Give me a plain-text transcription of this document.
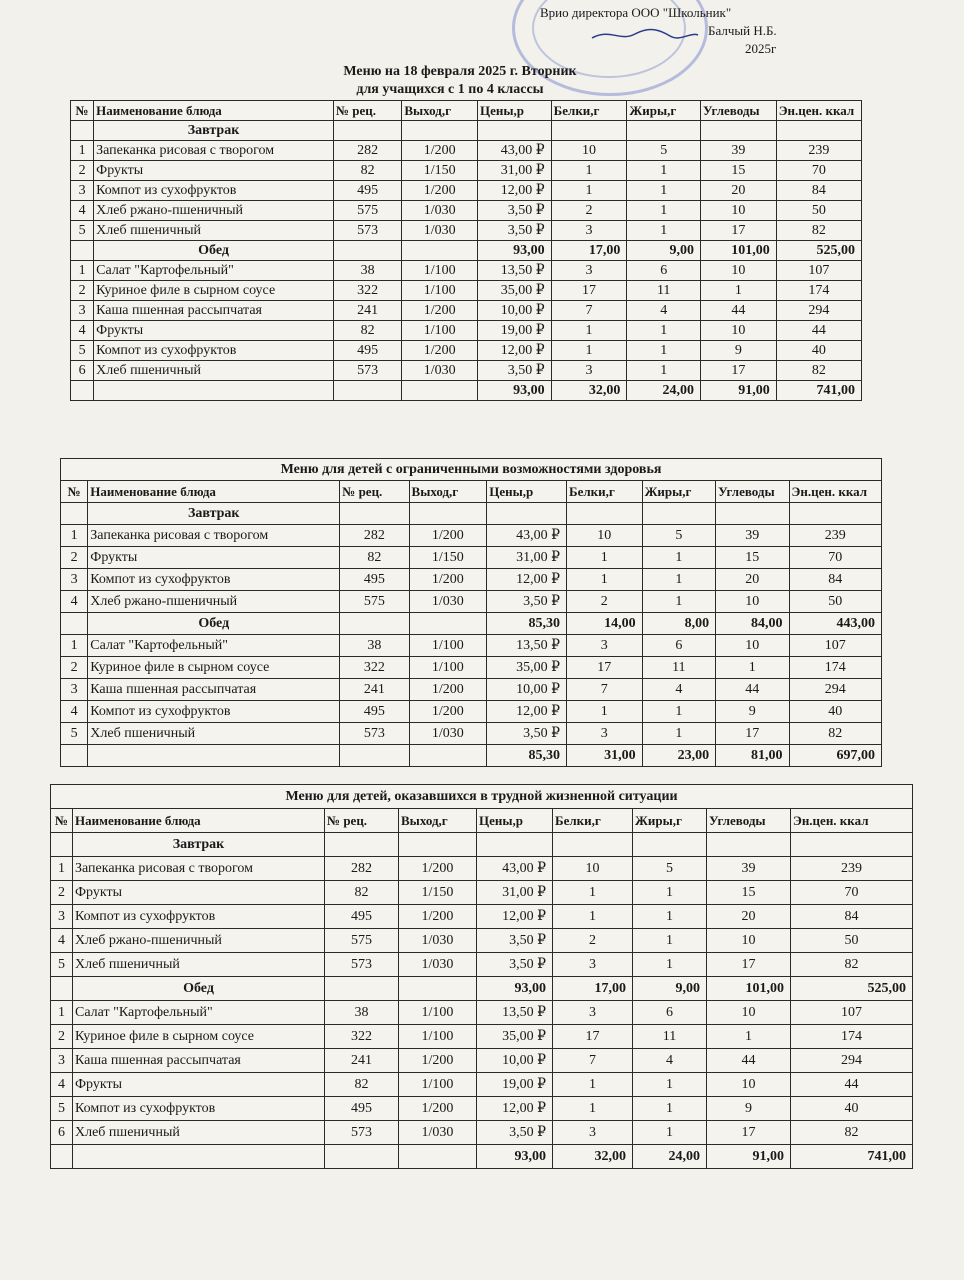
Врио директора ООО "Школьник"
Балчый Н.Б.
2025г
Меню на 18 февраля 2025 г. Вторник
для учащихся с 1 по 4 классы
№	Наименование блюда	№ рец.	Выход,г	Цены,р	Белки,г	Жиры,г	Углеводы	Эн.цен. ккал
	Завтрак							
1	Запеканка рисовая с творогом	282	1/200	43,00 ₽	10	5	39	239
2	Фрукты	82	1/150	31,00 ₽	1	1	15	70
3	Компот из сухофруктов	495	1/200	12,00 ₽	1	1	20	84
4	Хлеб ржано-пшеничный	575	1/030	3,50 ₽	2	1	10	50
5	Хлеб пшеничный	573	1/030	3,50 ₽	3	1	17	82
	Обед			93,00	17,00	9,00	101,00	525,00
1	Салат "Картофельный"	38	1/100	13,50 ₽	3	6	10	107
2	Куриное филе в сырном соусе	322	1/100	35,00 ₽	17	11	1	174
3	Каша пшенная рассыпчатая	241	1/200	10,00 ₽	7	4	44	294
4	Фрукты	82	1/100	19,00 ₽	1	1	10	44
5	Компот из сухофруктов	495	1/200	12,00 ₽	1	1	9	40
6	Хлеб пшеничный	573	1/030	3,50 ₽	3	1	17	82
				93,00	32,00	24,00	91,00	741,00
Меню для детей с ограниченными возможностями здоровья								
№	Наименование блюда	№ рец.	Выход,г	Цены,р	Белки,г	Жиры,г	Углеводы	Эн.цен. ккал
	Завтрак							
1	Запеканка рисовая с творогом	282	1/200	43,00 ₽	10	5	39	239
2	Фрукты	82	1/150	31,00 ₽	1	1	15	70
3	Компот из сухофруктов	495	1/200	12,00 ₽	1	1	20	84
4	Хлеб ржано-пшеничный	575	1/030	3,50 ₽	2	1	10	50
	Обед			85,30	14,00	8,00	84,00	443,00
1	Салат "Картофельный"	38	1/100	13,50 ₽	3	6	10	107
2	Куриное филе в сырном соусе	322	1/100	35,00 ₽	17	11	1	174
3	Каша пшенная рассыпчатая	241	1/200	10,00 ₽	7	4	44	294
4	Компот из сухофруктов	495	1/200	12,00 ₽	1	1	9	40
5	Хлеб пшеничный	573	1/030	3,50 ₽	3	1	17	82
				85,30	31,00	23,00	81,00	697,00
Меню для детей, оказавшихся в трудной жизненной ситуации								
№	Наименование блюда	№ рец.	Выход,г	Цены,р	Белки,г	Жиры,г	Углеводы	Эн.цен. ккал
	Завтрак							
1	Запеканка рисовая с творогом	282	1/200	43,00 ₽	10	5	39	239
2	Фрукты	82	1/150	31,00 ₽	1	1	15	70
3	Компот из сухофруктов	495	1/200	12,00 ₽	1	1	20	84
4	Хлеб ржано-пшеничный	575	1/030	3,50 ₽	2	1	10	50
5	Хлеб пшеничный	573	1/030	3,50 ₽	3	1	17	82
	Обед			93,00	17,00	9,00	101,00	525,00
1	Салат "Картофельный"	38	1/100	13,50 ₽	3	6	10	107
2	Куриное филе в сырном соусе	322	1/100	35,00 ₽	17	11	1	174
3	Каша пшенная рассыпчатая	241	1/200	10,00 ₽	7	4	44	294
4	Фрукты	82	1/100	19,00 ₽	1	1	10	44
5	Компот из сухофруктов	495	1/200	12,00 ₽	1	1	9	40
6	Хлеб пшеничный	573	1/030	3,50 ₽	3	1	17	82
				93,00	32,00	24,00	91,00	741,00
